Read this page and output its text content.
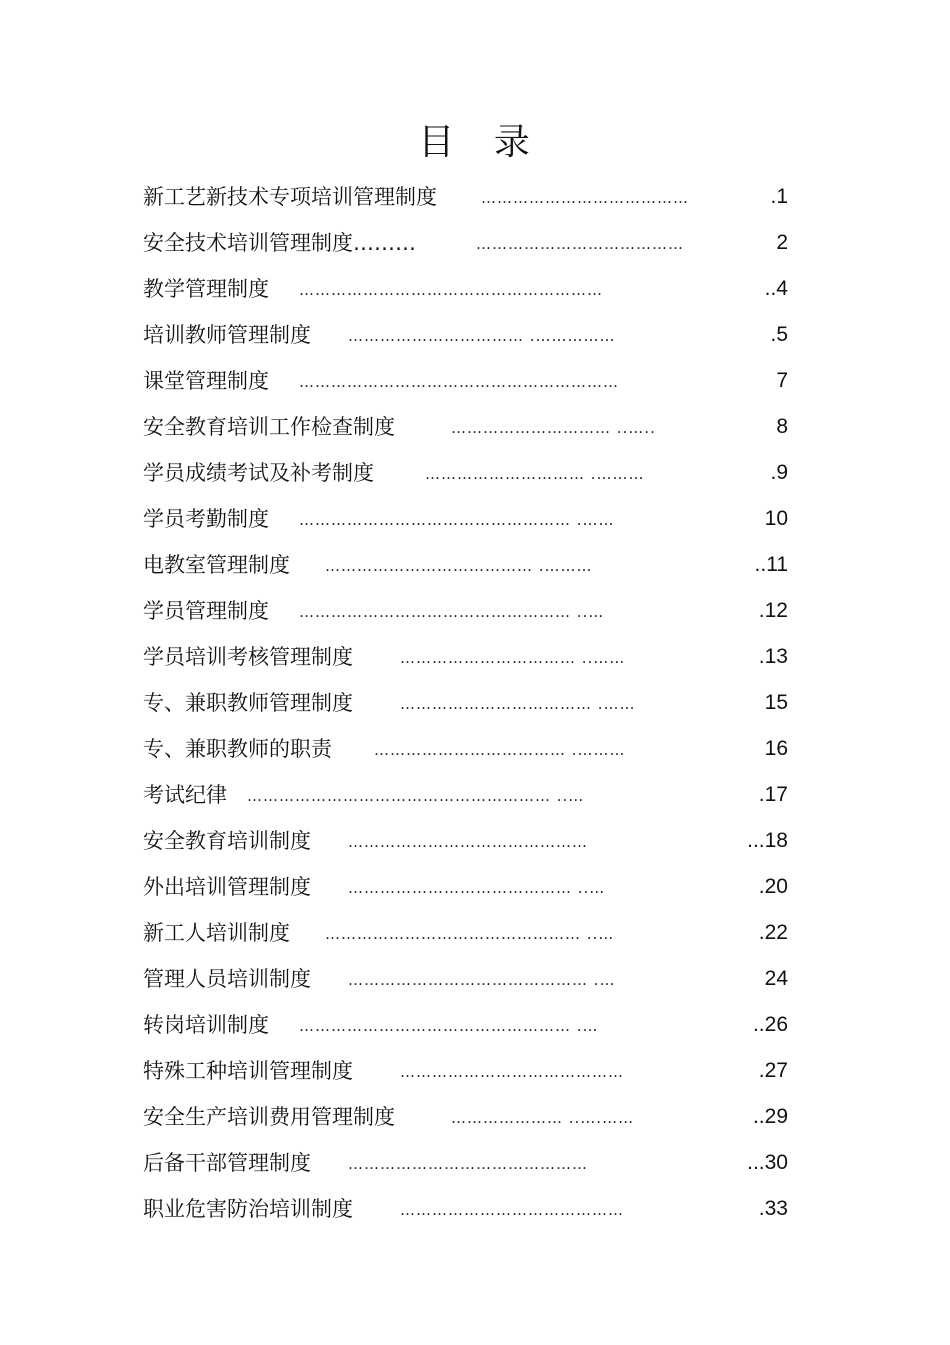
目　录
新工艺新技术专项培训管理制度	…………………………………	.1
安全技术培训管理制度………	…………………………………	2
教学管理制度 …………………………………………………	..4
培训教师管理制度 …………………………… .……………	.5
课堂管理制度 ……………………………………………………	7
安全教育培训工作检查制度	………………………… ..…..	8
学员成绩考试及补考制度	………………………… .………	.9
学员考勤制度 …………………………………………… .……	10
电教室管理制度 ………………………………… .………	..11
学员管理制度 …………………………………………… ..…	.12
学员培训考核管理制度	…………………………… ..……	.13
专、兼职教师管理制度	……………………………… .……	15
专、兼职教师的职责	……………………………… .………	16
考试纪律 ………………………………………………… ..…	.17
安全教育培训制度 ………………………………………	...18
外出培训管理制度 …………………………………… ..…	.20
新工人培训制度 ………………………………………… ..…	.22
管理人员培训制度 ……………………………………… .…	24
转岗培训制度 …………………………………………… .…	..26
特殊工种培训管理制度	……………………………………	.27
安全生产培训费用管理制度	………………… ..….……	..29
后备干部管理制度 ………………………………………	...30
职业危害防治培训制度	……………………………………	.33
